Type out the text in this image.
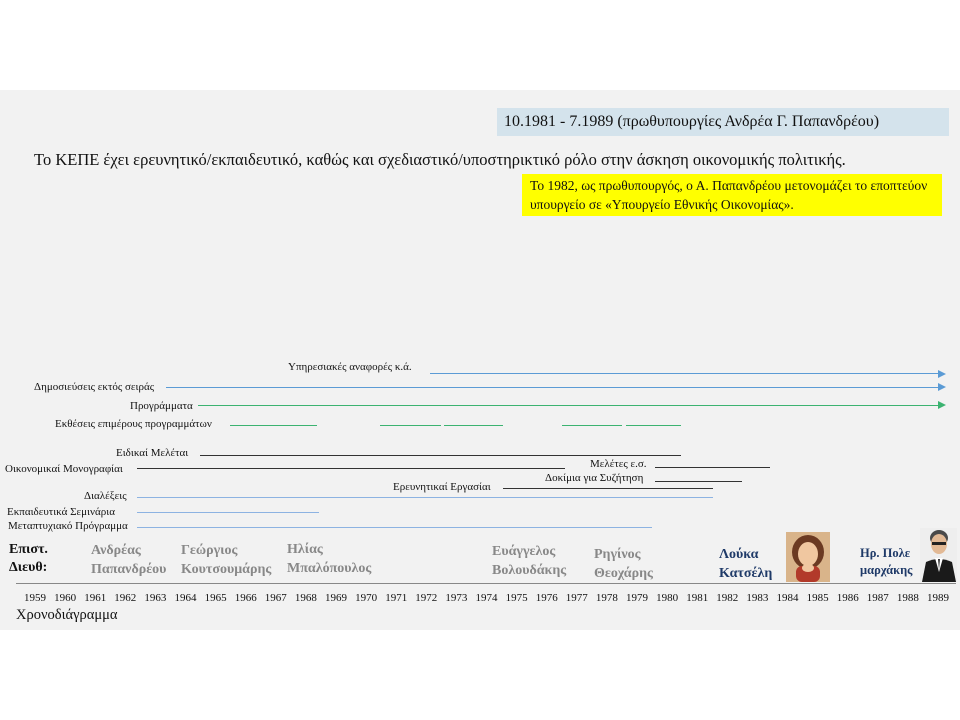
10.1981 - 7.1989 (πρωθυπουργίες Ανδρέα Γ. Παπανδρέου)
Το ΚΕΠΕ έχει ερευνητικό/εκπαιδευτικό, καθώς και σχεδιαστικό/υποστηρικτικό ρόλο στην άσκηση οικονομικής πολιτικής.
Το 1982, ως πρωθυπουργός, ο Α. Παπανδρέου μετονομάζει το εποπτεύον υπουργείο σε «Υπουργείο Εθνικής Οικονομίας».
Υπηρεσιακές αναφορές κ.ά.
Δημοσιεύσεις εκτός σειράς
Προγράμματα
Εκθέσεις επιμέρους προγραμμάτων
Ειδικαί Μελέται
Μελέτες ε.σ.
Οικονομικαί Μονογραφίαι
Δοκίμια για Συζήτηση
Ερευνητικαί Εργασίαι
Διαλέξεις
Εκπαιδευτικά Σεμινάρια
Μεταπτυχιακό Πρόγραμμα
Επιστ.
Διευθ:
Ανδρέας
Παπανδρέου
Γεώργιος
Κουτσουμάρης
Ηλίας
Μπαλόπουλος
Ευάγγελος
Βολουδάκης
Ρηγίνος
Θεοχάρης
Λούκα
Κατσέλη
Ηρ. Πολε
μαρχάκης
1959 1960 1961 1962 1963 1964 1965 1966 1967 1968 1969 1970 1971 1972 1973 1974 1975 1976 1977 1978 1979 1980 1981 1982 1983 1984 1985 1986 1987 1988 1989
Χρονοδιάγραμμα
